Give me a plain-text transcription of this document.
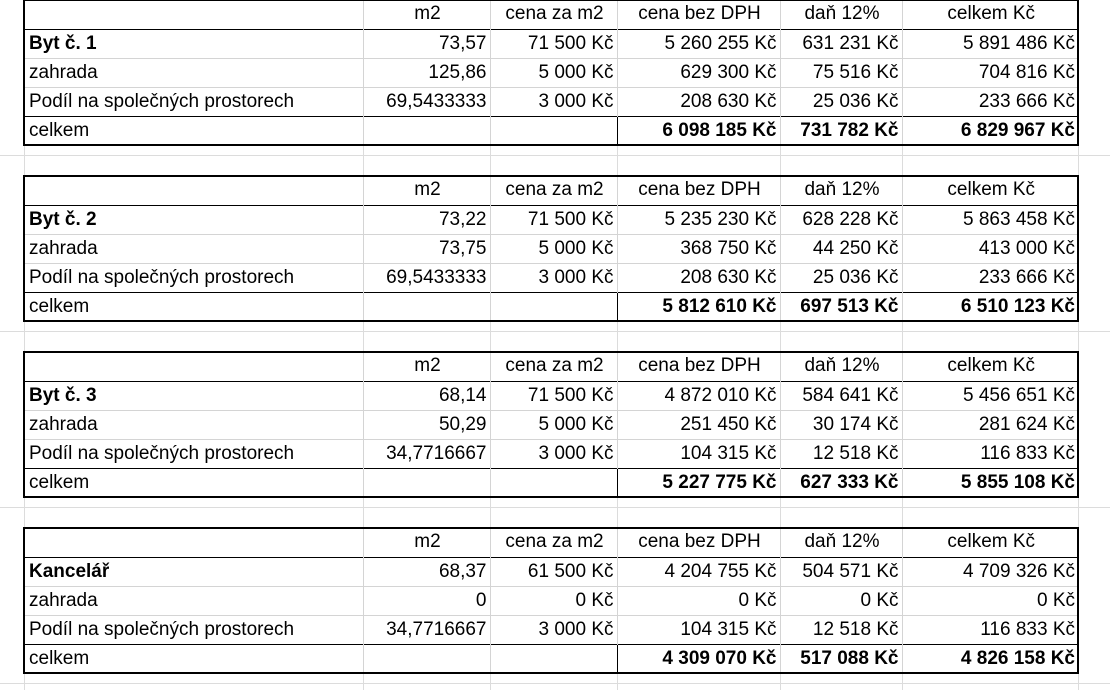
	m2	cena za m2	cena bez DPH	daň 12%	celkem Kč
Byt č. 1	73,57	71 500 Kč	5 260 255 Kč	631 231 Kč	5 891 486 Kč
zahrada	125,86	5 000 Kč	629 300 Kč	75 516 Kč	704 816 Kč
Podíl na společných prostorech	69,5433333	3 000 Kč	208 630 Kč	25 036 Kč	233 666 Kč
celkem			6 098 185 Kč	731 782 Kč	6 829 967 Kč
	m2	cena za m2	cena bez DPH	daň 12%	celkem Kč
Byt č. 2	73,22	71 500 Kč	5 235 230 Kč	628 228 Kč	5 863 458 Kč
zahrada	73,75	5 000 Kč	368 750 Kč	44 250 Kč	413 000 Kč
Podíl na společných prostorech	69,5433333	3 000 Kč	208 630 Kč	25 036 Kč	233 666 Kč
celkem			5 812 610 Kč	697 513 Kč	6 510 123 Kč
	m2	cena za m2	cena bez DPH	daň 12%	celkem Kč
Byt č. 3	68,14	71 500 Kč	4 872 010 Kč	584 641 Kč	5 456 651 Kč
zahrada	50,29	5 000 Kč	251 450 Kč	30 174 Kč	281 624 Kč
Podíl na společných prostorech	34,7716667	3 000 Kč	104 315 Kč	12 518 Kč	116 833 Kč
celkem			5 227 775 Kč	627 333 Kč	5 855 108 Kč
	m2	cena za m2	cena bez DPH	daň 12%	celkem Kč
Kancelář	68,37	61 500 Kč	4 204 755 Kč	504 571 Kč	4 709 326 Kč
zahrada	0	0 Kč	0 Kč	0 Kč	0 Kč
Podíl na společných prostorech	34,7716667	3 000 Kč	104 315 Kč	12 518 Kč	116 833 Kč
celkem			4 309 070 Kč	517 088 Kč	4 826 158 Kč
